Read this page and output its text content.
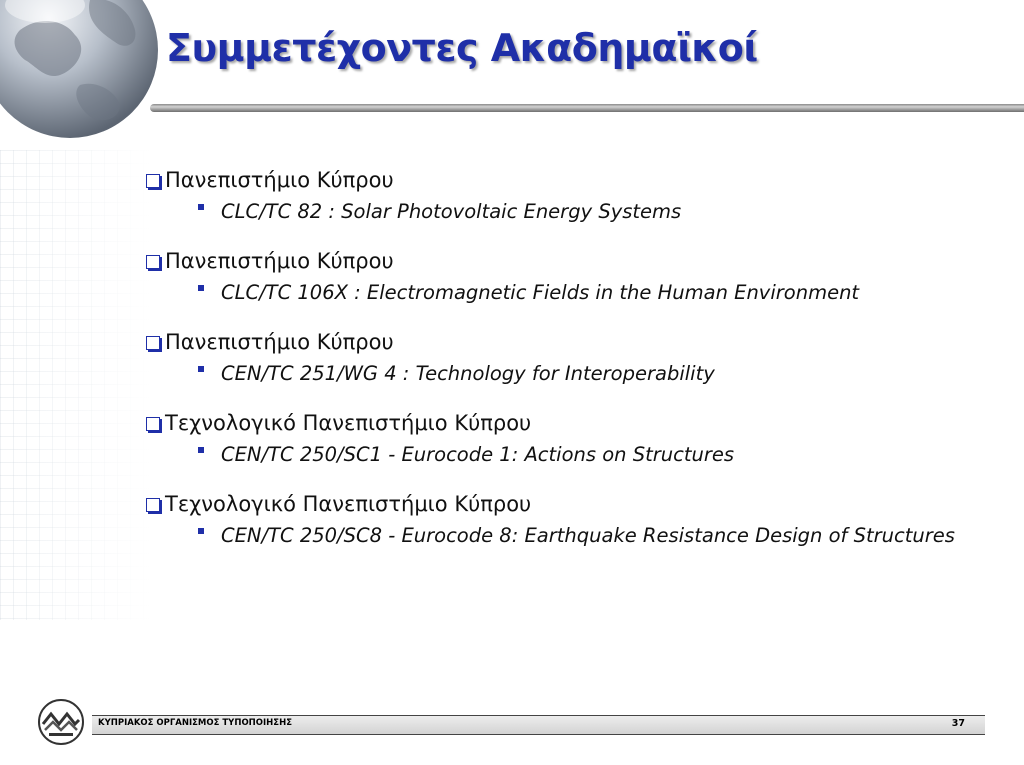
Συμμετέχοντες Ακαδημαϊκοί
Πανεπιστήμιο Κύπρου
CLC/TC 82 : Solar Photovoltaic Energy Systems
Πανεπιστήμιο Κύπρου
CLC/TC 106X : Electromagnetic Fields in the Human Environment
Πανεπιστήμιο Κύπρου
CEN/TC 251/WG 4 : Technology for Interoperability
Τεχνολογικό Πανεπιστήμιο Κύπρου
CEN/TC 250/SC1 - Eurocode 1: Actions on Structures
Τεχνολογικό Πανεπιστήμιο Κύπρου
CEN/TC 250/SC8 - Eurocode 8: Earthquake Resistance Design of Structures
ΚΥΠΡΙΑΚΟΣ ΟΡΓΑΝΙΣΜΟΣ ΤΥΠΟΠΟΙΗΣΗΣ	37
